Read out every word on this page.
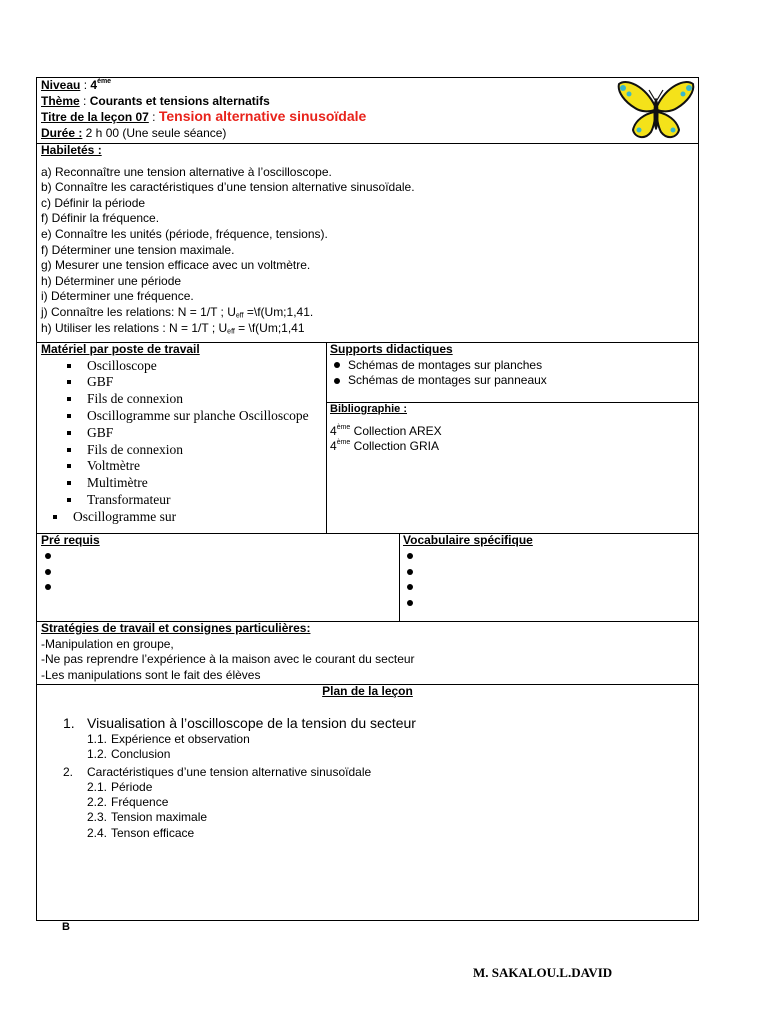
Niveau : 4ème
Thème : Courants et tensions alternatifs
Titre de la leçon 07 : Tension alternative sinusoïdale
Durée : 2 h 00 (Une seule séance)
Habiletés :
a) Reconnaître une tension alternative à l’oscilloscope.
b) Connaître les caractéristiques d’une tension alternative sinusoïdale.
c) Définir la période
f) Définir la fréquence.
e) Connaître les unités (période, fréquence, tensions).
f) Déterminer une tension maximale.
g) Mesurer une tension efficace avec un voltmètre.
h) Déterminer une période
i) Déterminer une fréquence.
j) Connaître les relations: N = 1/T ; Ueff =\f(Um;1,41.
h) Utiliser les relations : N = 1/T ; Ueff = \f(Um;1,41
Matériel par poste de travail
Oscilloscope
GBF
Fils de connexion
Oscillogramme sur planche Oscilloscope
GBF
Fils de connexion
Voltmètre
Multimètre
Transformateur
Oscillogramme sur
Supports didactiques
Schémas de montages sur planches
Schémas de montages sur panneaux
Bibliographie :
4ème Collection AREX
4ème Collection GRIA
Pré requis

	Vocabulaire spécifique

Stratégies de travail et consignes particulières:
-Manipulation en groupe,
-Ne pas reprendre l’expérience à la maison avec le courant du secteur
-Les manipulations sont le fait des élèves
Plan de la leçon
1. Visualisation à l’oscilloscope de la tension du secteur
1.1. Expérience et observation
1.2. Conclusion
2. Caractéristiques d’une tension alternative sinusoïdale
2.1. Période
2.2. Fréquence
2.3. Tension maximale
2.4. Tenson efficace
B
M. SAKALOU.L.DAVID
